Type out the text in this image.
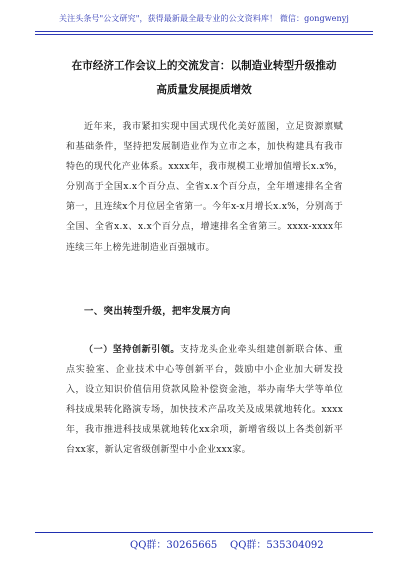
关注头条号"公文研究"，获得最新最全最专业的公文资料库！ 微信：gongwenyj
在市经济工作会议上的交流发言：以制造业转型升级推动
高质量发展提质增效
近年来，我市紧扣实现中国式现代化美好蓝图，立足资源禀赋和基础条件，坚持把发展制造业作为立市之本，加快构建具有我市特色的现代化产业体系。xxxx年，我市规模工业增加值增长x.x%，分别高于全国x.x个百分点、全省x.x个百分点，全年增速排名全省第一，且连续x个月位居全省第一。今年x-x月增长x.x%，分别高于全国、全省x.x、x.x个百分点，增速排名全省第三。xxxx-xxxx年连续三年上榜先进制造业百强城市。
一、突出转型升级，把牢发展方向
（一）坚持创新引领。支持龙头企业牵头组建创新联合体、重点实验室、企业技术中心等创新平台，鼓励中小企业加大研发投入，设立知识价值信用贷款风险补偿资金池，举办南华大学等单位科技成果转化路演专场，加快技术产品攻关及成果就地转化。xxxx年，我市推进科技成果就地转化xx余项，新增省级以上各类创新平台xx家，新认定省级创新型中小企业xxx家。
QQ群：30265665 QQ群：535304092
